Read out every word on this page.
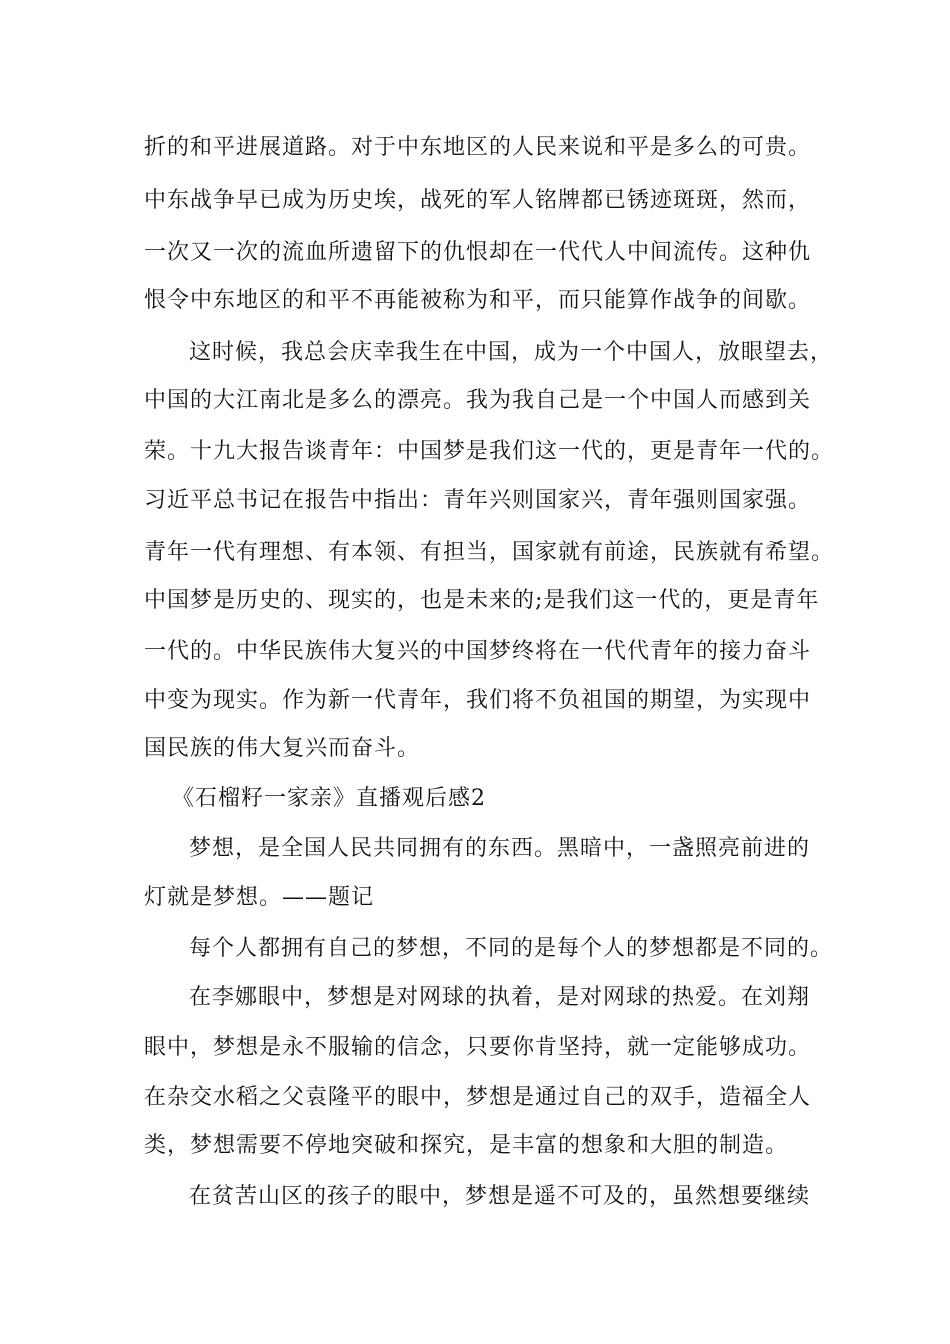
折的和平进展道路。对于中东地区的人民来说和平是多么的可贵。
中东战争早已成为历史埃，战死的军人铭牌都已锈迹斑斑，然而，
一次又一次的流血所遗留下的仇恨却在一代代人中间流传。这种仇
恨令中东地区的和平不再能被称为和平，而只能算作战争的间歇。
这时候，我总会庆幸我生在中国，成为一个中国人，放眼望去，
中国的大江南北是多么的漂亮。我为我自己是一个中国人而感到关
荣。十九大报告谈青年：中国梦是我们这一代的，更是青年一代的。
习近平总书记在报告中指出：青年兴则国家兴，青年强则国家强。
青年一代有理想、有本领、有担当，国家就有前途，民族就有希望。
中国梦是历史的、现实的，也是未来的;是我们这一代的，更是青年
一代的。中华民族伟大复兴的中国梦终将在一代代青年的接力奋斗
中变为现实。作为新一代青年，我们将不负祖国的期望，为实现中
国民族的伟大复兴而奋斗。
《石榴籽一家亲》直播观后感2
梦想，是全国人民共同拥有的东西。黑暗中，一盏照亮前进的
灯就是梦想。——题记
每个人都拥有自己的梦想，不同的是每个人的梦想都是不同的。
在李娜眼中，梦想是对网球的执着，是对网球的热爱。在刘翔
眼中，梦想是永不服输的信念，只要你肯坚持，就一定能够成功。
在杂交水稻之父袁隆平的眼中，梦想是通过自己的双手，造福全人
类，梦想需要不停地突破和探究，是丰富的想象和大胆的制造。
在贫苦山区的孩子的眼中，梦想是遥不可及的，虽然想要继续
